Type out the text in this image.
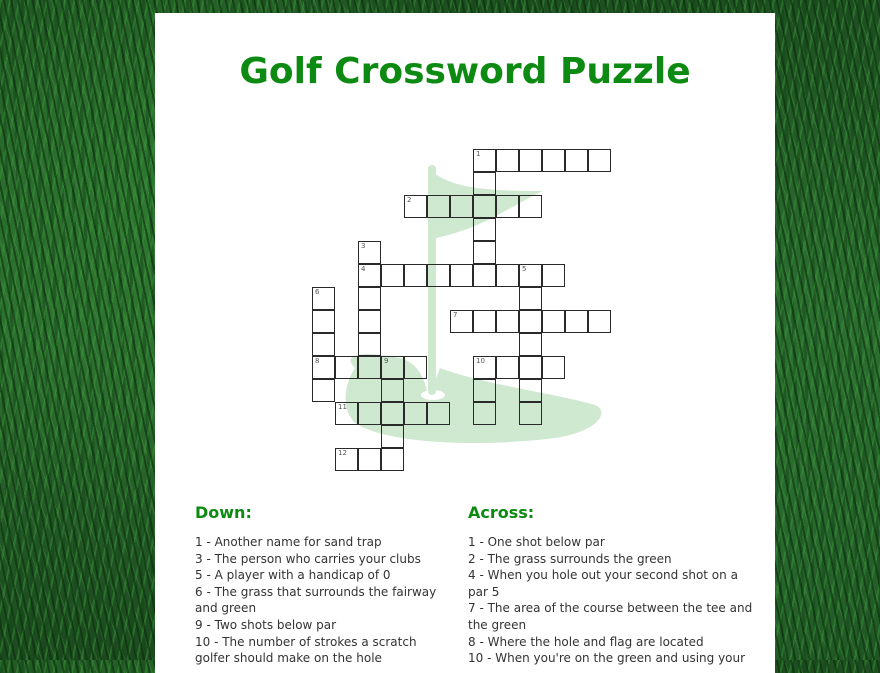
Golf Crossword Puzzle
1
2
3
4	5
6
7
8	9	10
11
12
Down:
1 - Another name for sand trap
3 - The person who carries your clubs
5 - A player with a handicap of 0
6 - The grass that surrounds the fairway and green
9 - Two shots below par
10 - The number of strokes a scratch golfer should make on the hole
Across:
1 - One shot below par
2 - The grass surrounds the green
4 - When you hole out your second shot on a par 5
7 - The area of the course between the tee and the green
8 - Where the hole and flag are located
10 - When you're on the green and using your
